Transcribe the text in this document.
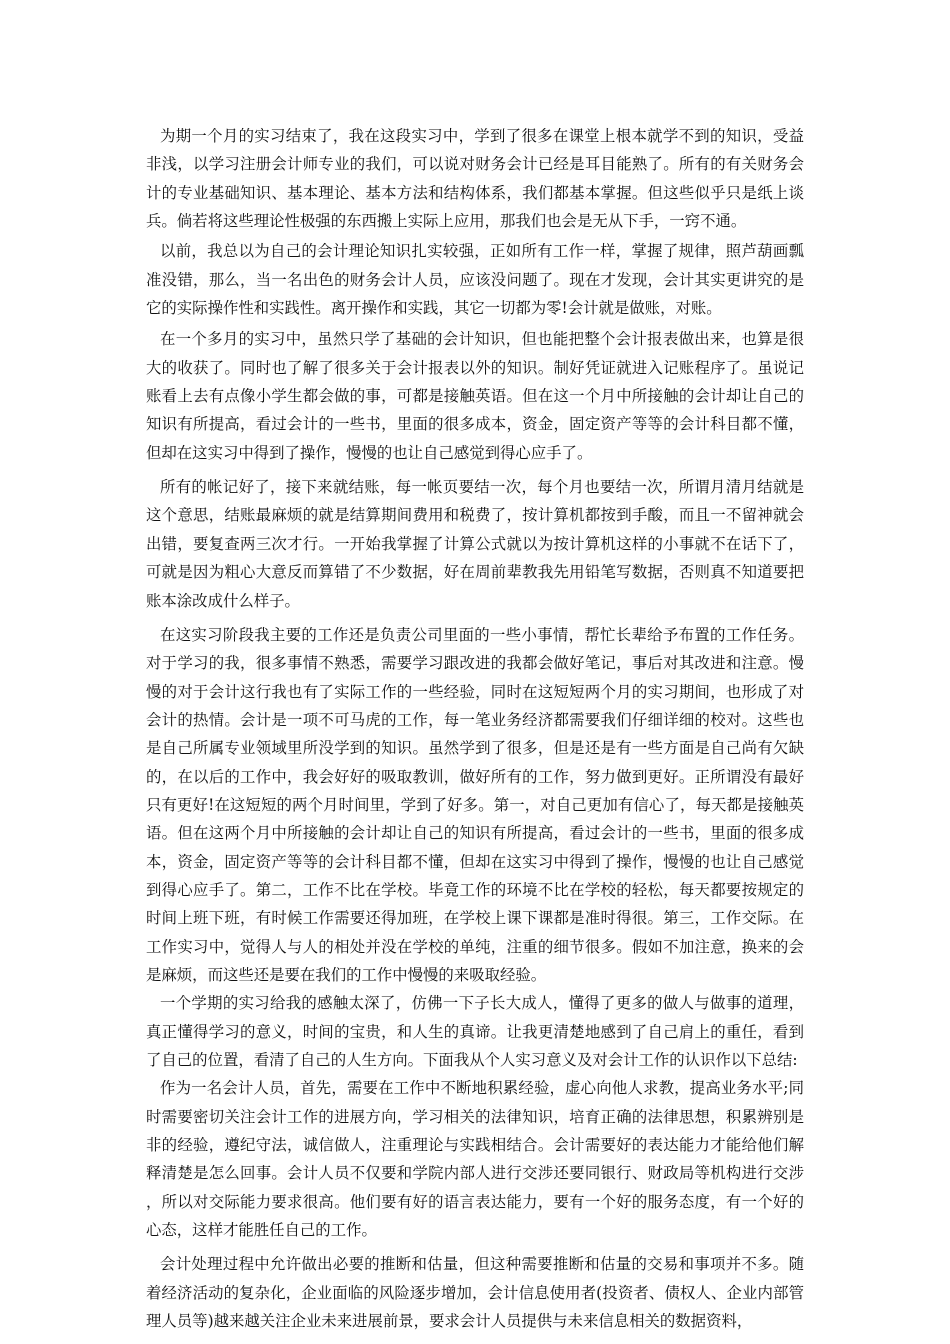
为期一个月的实习结束了，我在这段实习中，学到了很多在课堂上根本就学不到的知识，受益非浅，以学习注册会计师专业的我们，可以说对财务会计已经是耳目能熟了。所有的有关财务会计的专业基础知识、基本理论、基本方法和结构体系，我们都基本掌握。但这些似乎只是纸上谈兵。倘若将这些理论性极强的东西搬上实际上应用，那我们也会是无从下手，一窍不通。

以前，我总以为自己的会计理论知识扎实较强，正如所有工作一样，掌握了规律，照芦葫画瓢准没错，那么，当一名出色的财务会计人员，应该没问题了。现在才发现，会计其实更讲究的是它的实际操作性和实践性。离开操作和实践，其它一切都为零!会计就是做账，对账。

在一个多月的实习中，虽然只学了基础的会计知识，但也能把整个会计报表做出来，也算是很大的收获了。同时也了解了很多关于会计报表以外的知识。制好凭证就进入记账程序了。虽说记账看上去有点像小学生都会做的事，可都是接触英语。但在这一个月中所接触的会计却让自己的知识有所提高，看过会计的一些书，里面的很多成本，资金，固定资产等等的会计科目都不懂，但却在这实习中得到了操作，慢慢的也让自己感觉到得心应手了。

所有的帐记好了，接下来就结账，每一帐页要结一次，每个月也要结一次，所谓月清月结就是这个意思，结账最麻烦的就是结算期间费用和税费了，按计算机都按到手酸，而且一不留神就会出错，要复查两三次才行。一开始我掌握了计算公式就以为按计算机这样的小事就不在话下了，可就是因为粗心大意反而算错了不少数据，好在周前辈教我先用铅笔写数据，否则真不知道要把账本涂改成什么样子。

在这实习阶段我主要的工作还是负责公司里面的一些小事情，帮忙长辈给予布置的工作任务。对于学习的我，很多事情不熟悉，需要学习跟改进的我都会做好笔记，事后对其改进和注意。慢慢的对于会计这行我也有了实际工作的一些经验，同时在这短短两个月的实习期间，也形成了对会计的热情。会计是一项不可马虎的工作，每一笔业务经济都需要我们仔细详细的校对。这些也是自己所属专业领域里所没学到的知识。虽然学到了很多，但是还是有一些方面是自己尚有欠缺的，在以后的工作中，我会好好的吸取教训，做好所有的工作，努力做到更好。正所谓没有最好只有更好!在这短短的两个月时间里，学到了好多。第一，对自己更加有信心了，每天都是接触英语。但在这两个月中所接触的会计却让自己的知识有所提高，看过会计的一些书，里面的很多成本，资金，固定资产等等的会计科目都不懂，但却在这实习中得到了操作，慢慢的也让自己感觉到得心应手了。第二，工作不比在学校。毕竟工作的环境不比在学校的轻松，每天都要按规定的时间上班下班，有时候工作需要还得加班，在学校上课下课都是准时得很。第三，工作交际。在工作实习中，觉得人与人的相处并没在学校的单纯，注重的细节很多。假如不加注意，换来的会是麻烦，而这些还是要在我们的工作中慢慢的来吸取经验。

一个学期的实习给我的感触太深了，仿佛一下子长大成人，懂得了更多的做人与做事的道理，真正懂得学习的意义，时间的宝贵，和人生的真谛。让我更清楚地感到了自己肩上的重任，看到了自己的位置，看清了自己的人生方向。下面我从个人实习意义及对会计工作的认识作以下总结:

作为一名会计人员，首先，需要在工作中不断地积累经验，虚心向他人求教，提高业务水平;同时需要密切关注会计工作的进展方向，学习相关的法律知识，培育正确的法律思想，积累辨别是非的经验，遵纪守法，诚信做人，注重理论与实践相结合。会计需要好的表达能力才能给他们解释清楚是怎么回事。会计人员不仅要和学院内部人进行交涉还要同银行、财政局等机构进行交涉，所以对交际能力要求很高。他们要有好的语言表达能力，要有一个好的服务态度，有一个好的心态，这样才能胜任自己的工作。

会计处理过程中允许做出必要的推断和估量，但这种需要推断和估量的交易和事项并不多。随着经济活动的复杂化，企业面临的风险逐步增加，会计信息使用者(投资者、债权人、企业内部管理人员等)越来越关注企业未来进展前景，要求会计人员提供与未来信息相关的数据资料，
